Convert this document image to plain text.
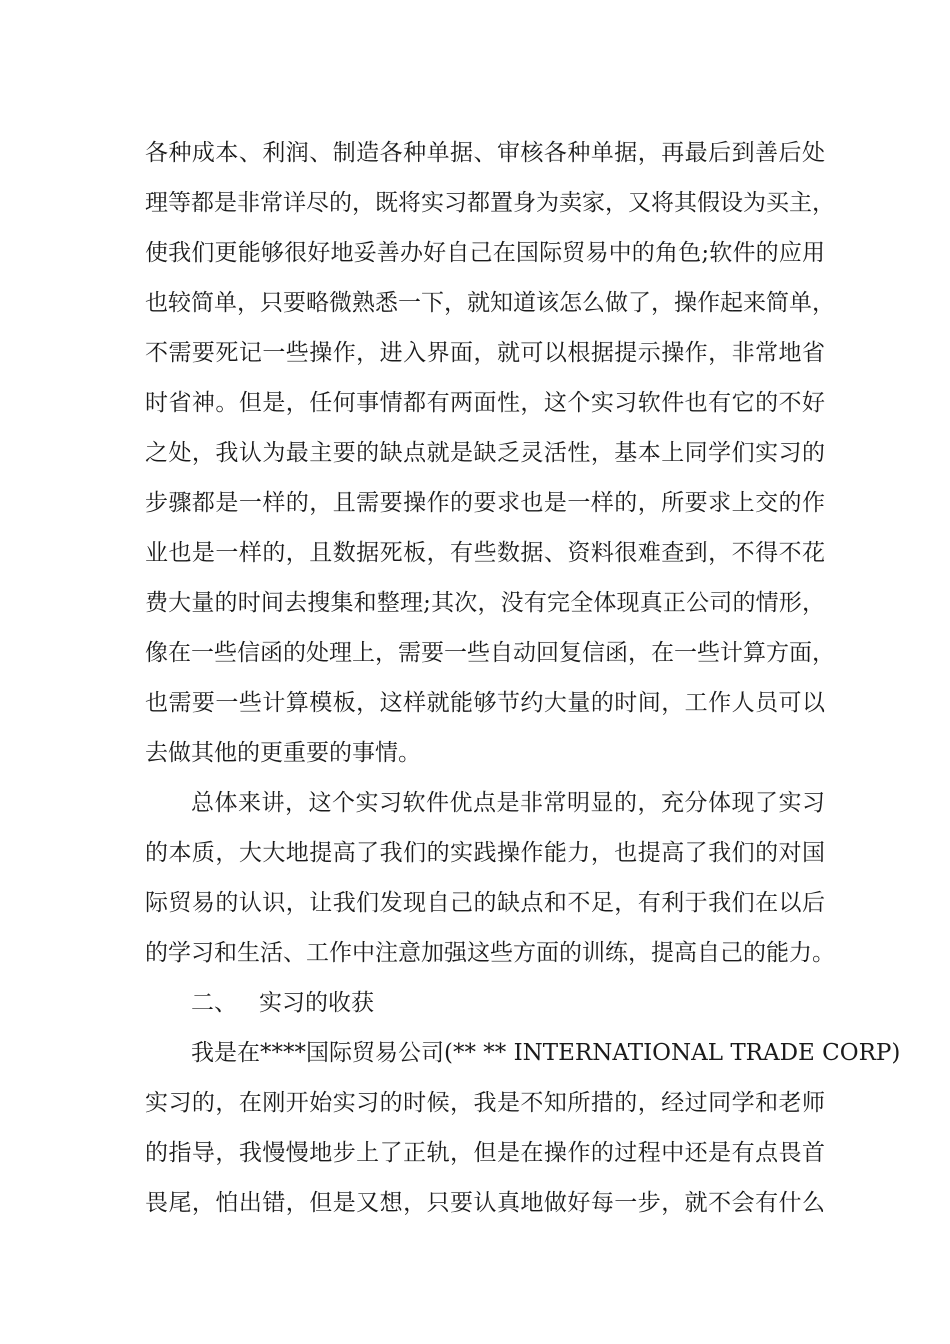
各种成本、利润、制造各种单据、审核各种单据，再最后到善后处
理等都是非常详尽的，既将实习都置身为卖家，又将其假设为买主，
使我们更能够很好地妥善办好自己在国际贸易中的角色;软件的应用
也较简单，只要略微熟悉一下，就知道该怎么做了，操作起来简单，
不需要死记一些操作，进入界面，就可以根据提示操作，非常地省
时省神。但是，任何事情都有两面性，这个实习软件也有它的不好
之处，我认为最主要的缺点就是缺乏灵活性，基本上同学们实习的
步骤都是一样的，且需要操作的要求也是一样的，所要求上交的作
业也是一样的，且数据死板，有些数据、资料很难查到，不得不花
费大量的时间去搜集和整理;其次，没有完全体现真正公司的情形，
像在一些信函的处理上，需要一些自动回复信函，在一些计算方面，
也需要一些计算模板，这样就能够节约大量的时间，工作人员可以
去做其他的更重要的事情。
总体来讲，这个实习软件优点是非常明显的，充分体现了实习
的本质，大大地提高了我们的实践操作能力，也提高了我们的对国
际贸易的认识，让我们发现自己的缺点和不足，有利于我们在以后
的学习和生活、工作中注意加强这些方面的训练，提高自己的能力。
二、 实习的收获
我是在****国际贸易公司(** ** INTERNATIONAL TRADE CORP)
实习的，在刚开始实习的时候，我是不知所措的，经过同学和老师
的指导，我慢慢地步上了正轨，但是在操作的过程中还是有点畏首
畏尾，怕出错，但是又想，只要认真地做好每一步，就不会有什么
